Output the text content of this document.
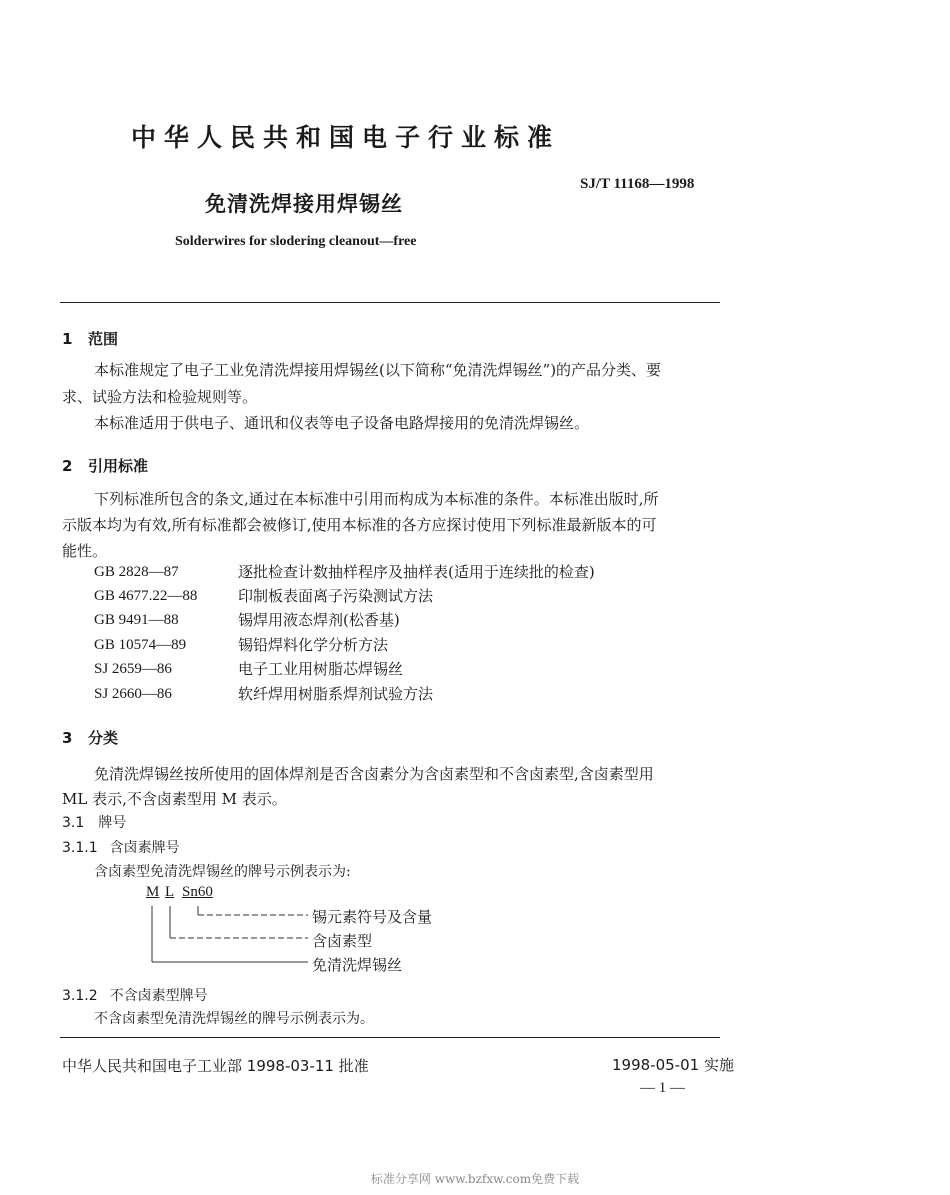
中华人民共和国电子行业标准
免清洗焊接用焊锡丝
SJ/T 11168—1998
Solderwires for slodering cleanout—free
1 范围
本标准规定了电子工业免清洗焊接用焊锡丝(以下简称“免清洗焊锡丝”)的产品分类、要
求、试验方法和检验规则等。
本标准适用于供电子、通讯和仪表等电子设备电路焊接用的免清洗焊锡丝。
2 引用标准
下列标准所包含的条文,通过在本标准中引用而构成为本标准的条件。本标准出版时,所
示版本均为有效,所有标准都会被修订,使用本标准的各方应探讨使用下列标准最新版本的可
能性。
GB 2828—87	逐批检查计数抽样程序及抽样表(适用于连续批的检查)
GB 4677.22—88	印制板表面离子污染测试方法
GB 9491—88	锡焊用液态焊剂(松香基)
GB 10574—89	锡铅焊料化学分析方法
SJ 2659—86	电子工业用树脂芯焊锡丝
SJ 2660—86	软纤焊用树脂系焊剂试验方法
3 分类
免清洗焊锡丝按所使用的固体焊剂是否含卤素分为含卤素型和不含卤素型,含卤素型用
ML 表示,不含卤素型用 M 表示。
3.1 牌号
3.1.1 含卤素牌号
含卤素型免清洗焊锡丝的牌号示例表示为:
M L Sn60
锡元素符号及含量
含卤素型
免清洗焊锡丝
3.1.2 不含卤素型牌号
不含卤素型免清洗焊锡丝的牌号示例表示为。
中华人民共和国电子工业部 1998-03-11 批准	1998-05-01 实施
— 1 —
标准分享网 www.bzfxw.com免费下载
